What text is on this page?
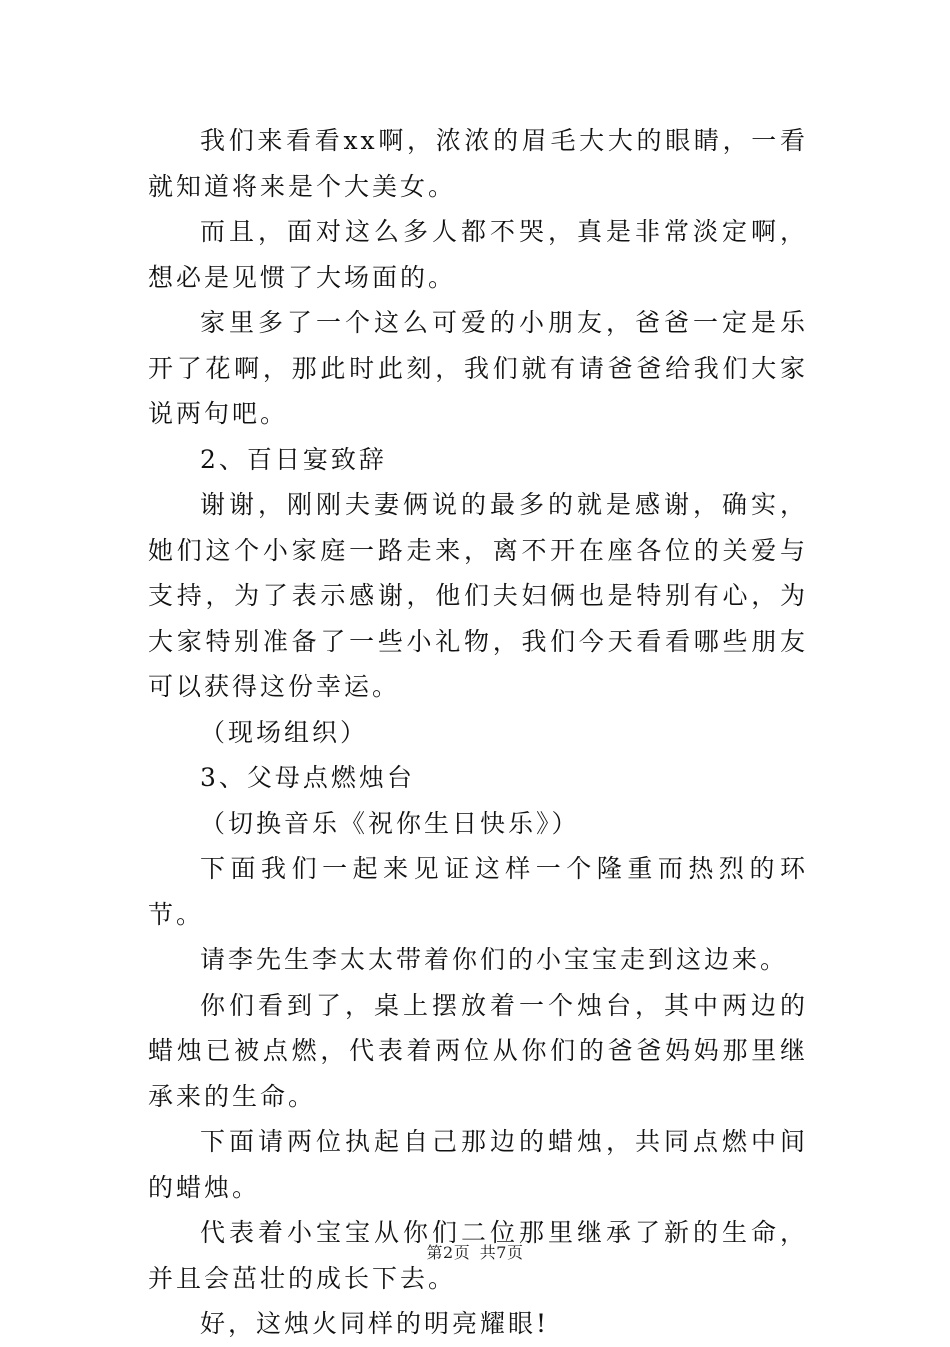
我们来看看xx啊，浓浓的眉毛大大的眼睛，一看就知道将来是个大美女。

而且，面对这么多人都不哭，真是非常淡定啊，想必是见惯了大场面的。

家里多了一个这么可爱的小朋友，爸爸一定是乐开了花啊，那此时此刻，我们就有请爸爸给我们大家说两句吧。

2、百日宴致辞

谢谢，刚刚夫妻俩说的最多的就是感谢，确实，她们这个小家庭一路走来，离不开在座各位的关爱与支持，为了表示感谢，他们夫妇俩也是特别有心，为大家特别准备了一些小礼物，我们今天看看哪些朋友可以获得这份幸运。

（现场组织）

3、父母点燃烛台

（切换音乐《祝你生日快乐》）

下面我们一起来见证这样一个隆重而热烈的环节。

请李先生李太太带着你们的小宝宝走到这边来。

你们看到了，桌上摆放着一个烛台，其中两边的蜡烛已被点燃，代表着两位从你们的爸爸妈妈那里继承来的生命。

下面请两位执起自己那边的蜡烛，共同点燃中间的蜡烛。

代表着小宝宝从你们二位那里继承了新的生命，并且会茁壮的成长下去。

好，这烛火同样的明亮耀眼!

第2页 共7页
